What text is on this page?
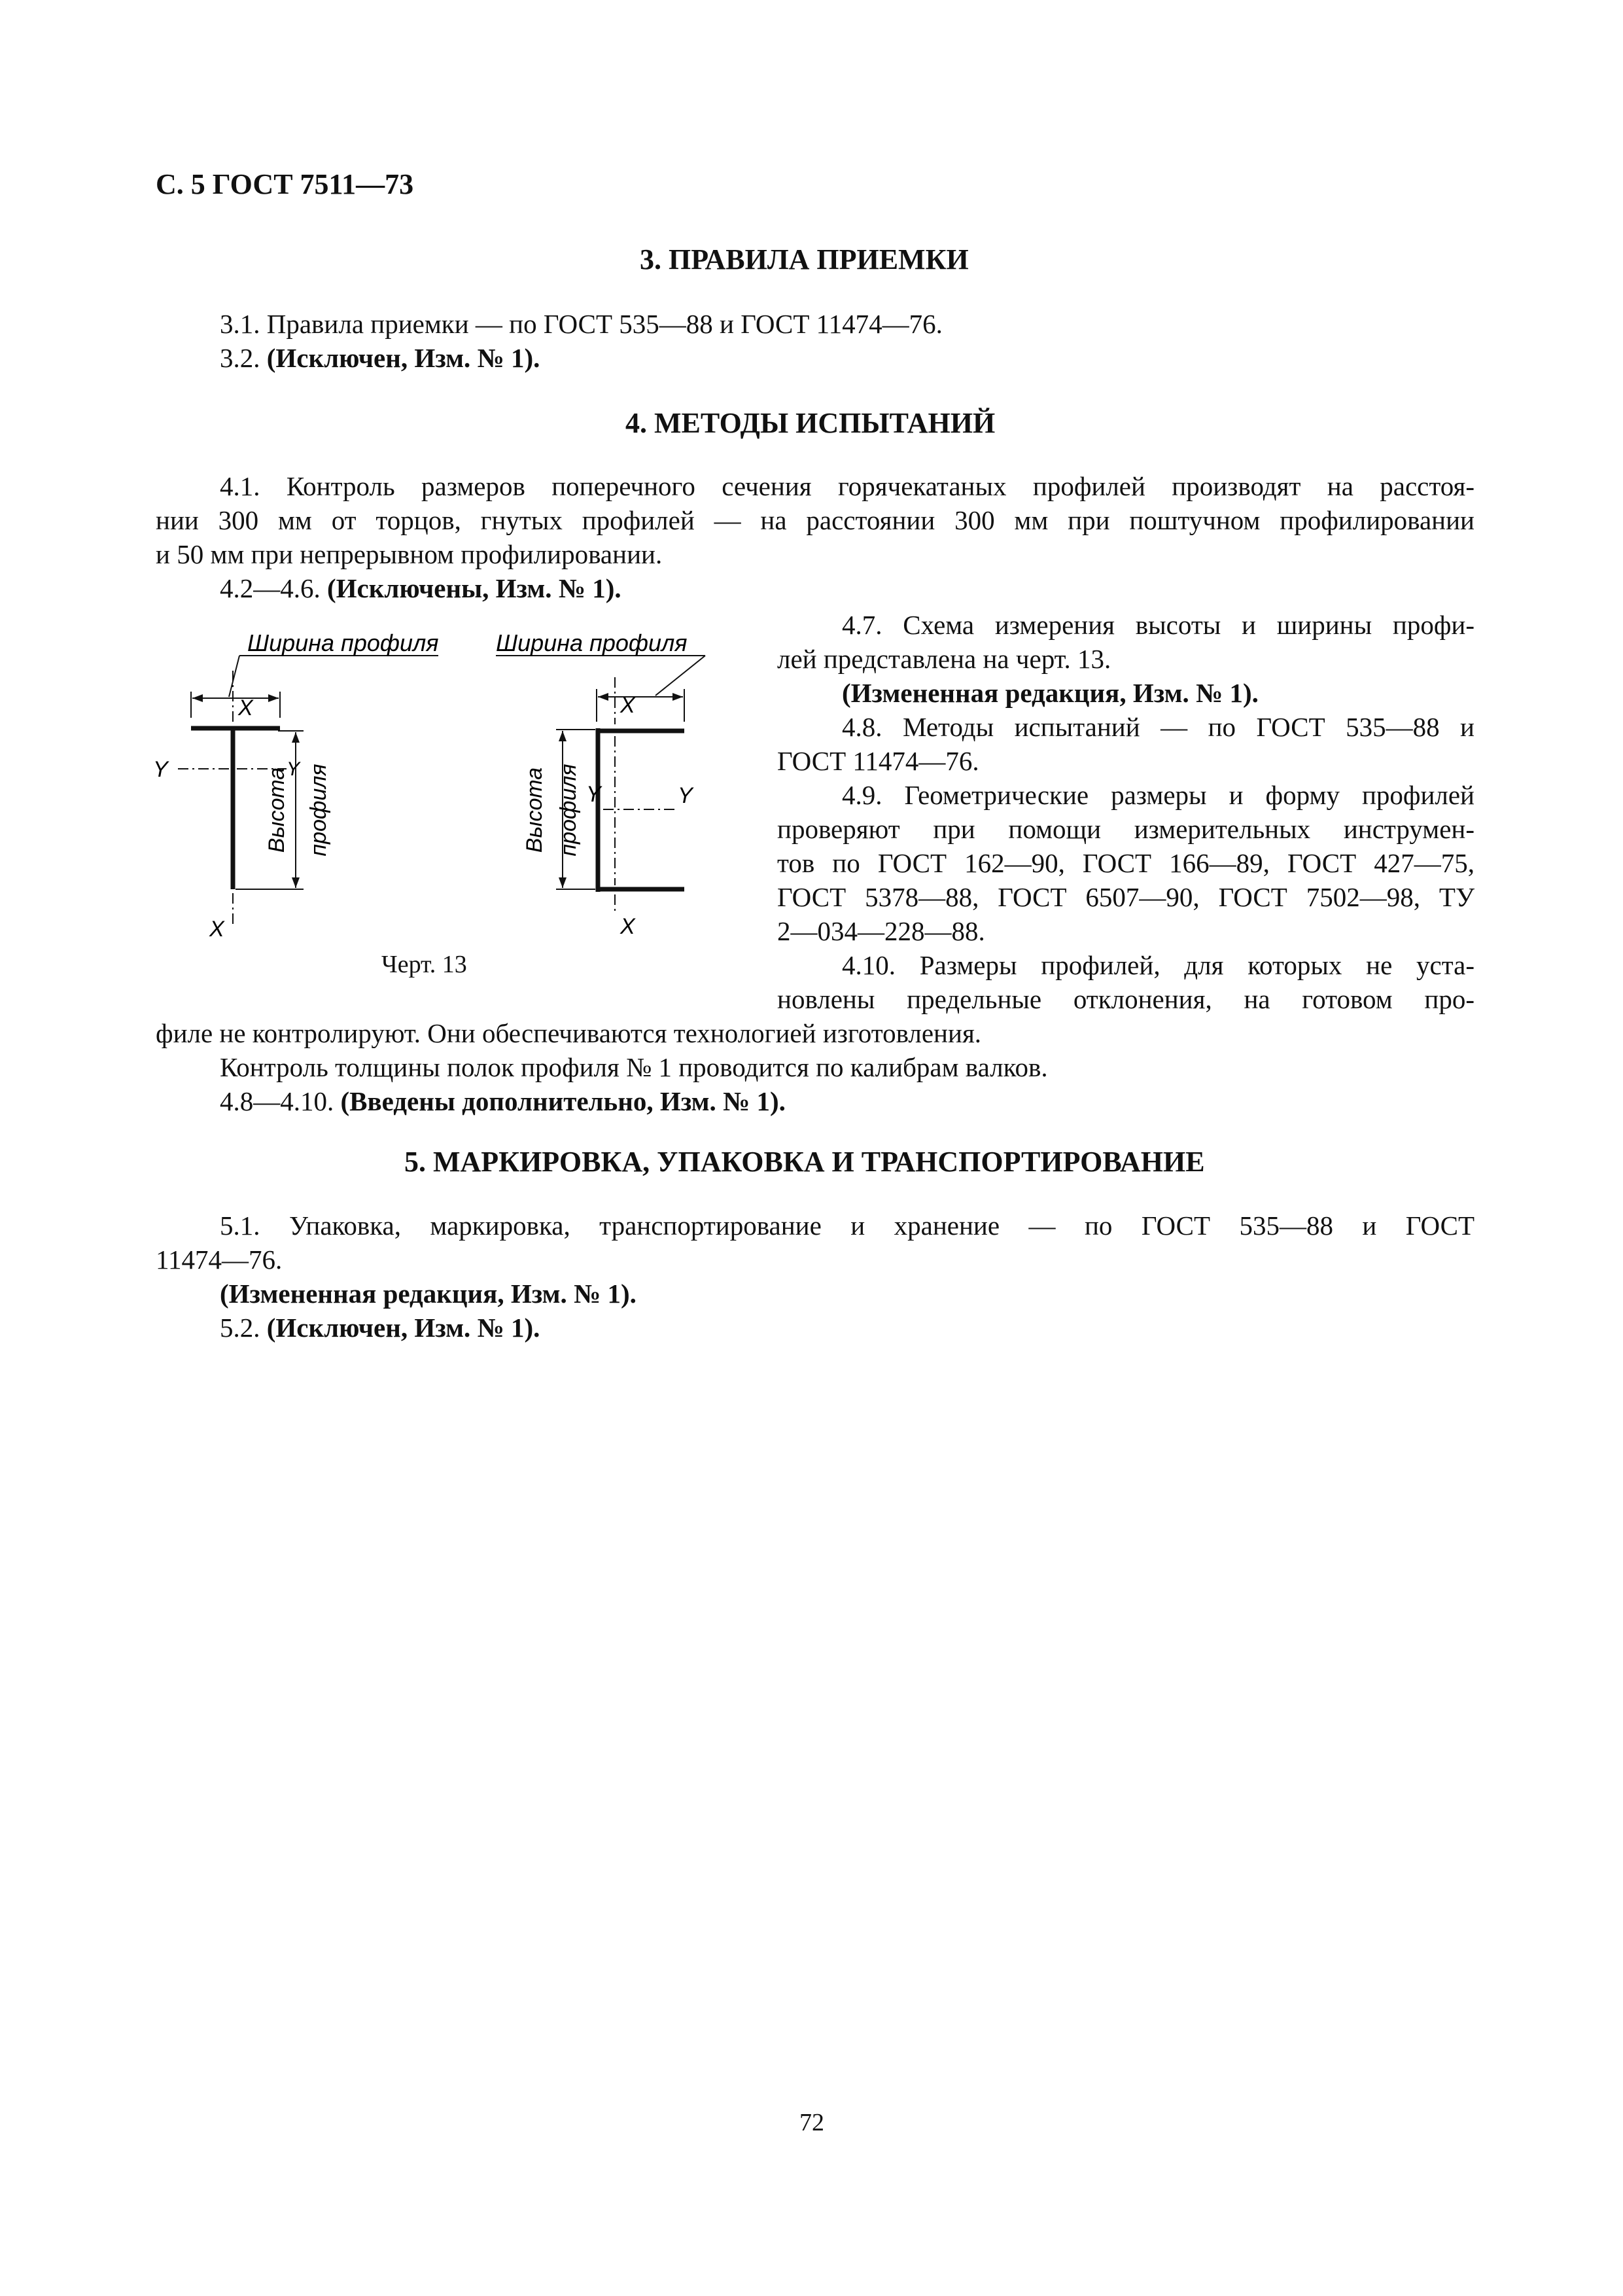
С. 5 ГОСТ 7511—73
3. ПРАВИЛА ПРИЕМКИ
3.1. Правила приемки — по ГОСТ 535—88 и ГОСТ 11474—76.
3.2. (Исключен, Изм. № 1).
4. МЕТОДЫ ИСПЫТАНИЙ
4.1. Контроль размеров поперечного сечения горячекатаных профилей производят на расстоя-
нии 300 мм от торцов, гнутых профилей — на расстоянии 300 мм при поштучном профилировании
и 50 мм при непрерывном профилировании.
4.2—4.6. (Исключены, Изм. № 1).
Ширина профиля
X
X
Y	Y
Высота профиля
Ширина профиля
X
X
Y	Y
Высота профиля
Черт. 13
4.7. Схема измерения высоты и ширины профи-
лей представлена на черт. 13.
(Измененная редакция, Изм. № 1).
4.8. Методы испытаний — по ГОСТ 535—88 и
ГОСТ 11474—76.
4.9. Геометрические размеры и форму профилей
проверяют при помощи измерительных инструмен-
тов по ГОСТ 162—90, ГОСТ 166—89, ГОСТ 427—75,
ГОСТ 5378—88, ГОСТ 6507—90, ГОСТ 7502—98, ТУ
2—034—228—88.
4.10. Размеры профилей, для которых не уста-
новлены предельные отклонения, на готовом про-
филе не контролируют. Они обеспечиваются технологией изготовления.
Контроль толщины полок профиля № 1 проводится по калибрам валков.
4.8—4.10. (Введены дополнительно, Изм. № 1).
5. МАРКИРОВКА, УПАКОВКА И ТРАНСПОРТИРОВАНИЕ
5.1. Упаковка, маркировка, транспортирование и хранение — по ГОСТ 535—88 и ГОСТ
11474—76.
(Измененная редакция, Изм. № 1).
5.2. (Исключен, Изм. № 1).
72
